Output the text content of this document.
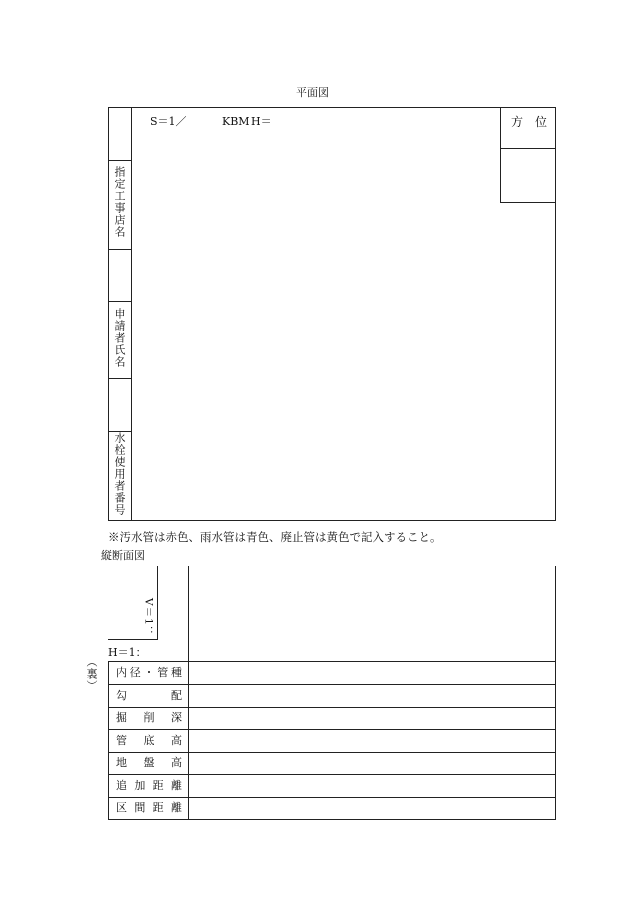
平面図
指定工事店名
申請者氏名
水栓使用者番号
S＝1／	KBM H＝	方　位
※汚水管は赤色、雨水管は青色、廃止管は黄色で記入すること。
縦断面図
V＝1：
H＝1：
（裏） 内 径 ・ 管 種
勾	配
掘 削 深
管 底 高
地 盤 高
追 加 距 離
区 間 距 離
